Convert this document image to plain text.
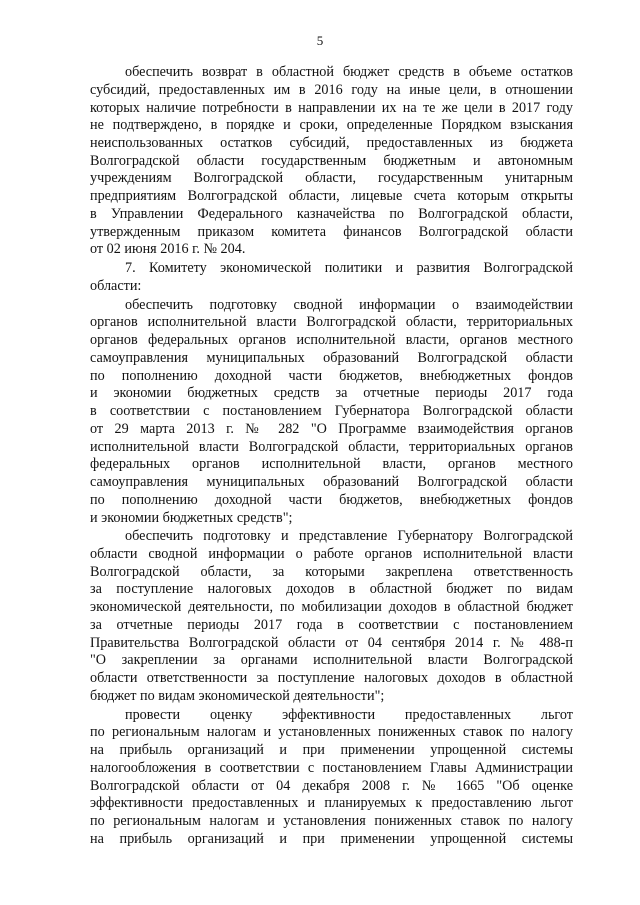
5
обеспечить возврат в областной бюджет средств в объеме остатков
субсидий, предоставленных им в 2016 году на иные цели, в отношении
которых наличие потребности в направлении их на те же цели в 2017 году
не подтверждено, в порядке и сроки, определенные Порядком взыскания
неиспользованных остатков субсидий, предоставленных из бюджета
Волгоградской области государственным бюджетным и автономным
учреждениям Волгоградской области, государственным унитарным
предприятиям Волгоградской области, лицевые счета которым открыты
в Управлении Федерального казначейства по Волгоградской области,
утвержденным приказом комитета финансов Волгоградской области
от 02 июня 2016 г. № 204.
7. Комитету экономической политики и развития Волгоградской
области:
обеспечить подготовку сводной информации о взаимодействии
органов исполнительной власти Волгоградской области, территориальных
органов федеральных органов исполнительной власти, органов местного
самоуправления муниципальных образований Волгоградской области
по пополнению доходной части бюджетов, внебюджетных фондов
и экономии бюджетных средств за отчетные периоды 2017 года
в соответствии с постановлением Губернатора Волгоградской области
от 29 марта 2013 г. № 282 "О Программе взаимодействия органов
исполнительной власти Волгоградской области, территориальных органов
федеральных органов исполнительной власти, органов местного
самоуправления муниципальных образований Волгоградской области
по пополнению доходной части бюджетов, внебюджетных фондов
и экономии бюджетных средств";
обеспечить подготовку и представление Губернатору Волгоградской
области сводной информации о работе органов исполнительной власти
Волгоградской области, за которыми закреплена ответственность
за поступление налоговых доходов в областной бюджет по видам
экономической деятельности, по мобилизации доходов в областной бюджет
за отчетные периоды 2017 года в соответствии с постановлением
Правительства Волгоградской области от 04 сентября 2014 г. № 488-п
"О закреплении за органами исполнительной власти Волгоградской
области ответственности за поступление налоговых доходов в областной
бюджет по видам экономической деятельности";
провести оценку эффективности предоставленных льгот
по региональным налогам и установленных пониженных ставок по налогу
на прибыль организаций и при применении упрощенной системы
налогообложения в соответствии с постановлением Главы Администрации
Волгоградской области от 04 декабря 2008 г. № 1665 "Об оценке
эффективности предоставленных и планируемых к предоставлению льгот
по региональным налогам и установления пониженных ставок по налогу
на прибыль организаций и при применении упрощенной системы
